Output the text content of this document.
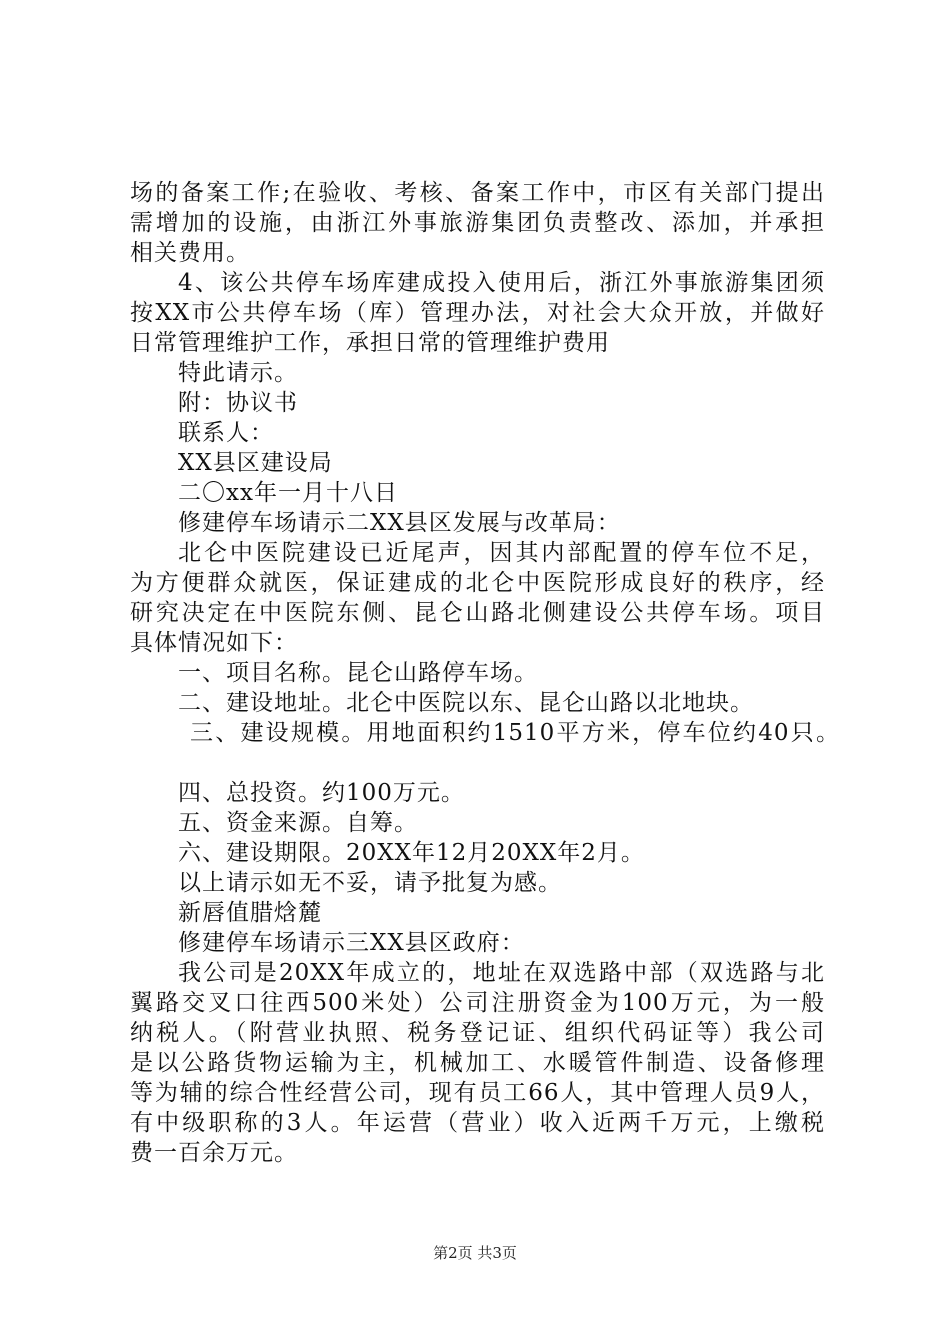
场的备案工作;在验收、考核、备案工作中，市区有关部门提出
需增加的设施，由浙江外事旅游集团负责整改、添加，并承担
相关费用。
4、该公共停车场库建成投入使用后，浙江外事旅游集团须
按XX市公共停车场（库）管理办法，对社会大众开放，并做好
日常管理维护工作，承担日常的管理维护费用
特此请示。
附：协议书
联系人：
XX县区建设局
二〇xx年一月十八日
修建停车场请示二XX县区发展与改革局：
北仑中医院建设已近尾声，因其内部配置的停车位不足，
为方便群众就医，保证建成的北仑中医院形成良好的秩序，经
研究决定在中医院东侧、昆仑山路北侧建设公共停车场。项目
具体情况如下：
一、项目名称。昆仑山路停车场。
二、建设地址。北仑中医院以东、昆仑山路以北地块。
三、建设规模。用地面积约1510平方米，停车位约40只。
四、总投资。约100万元。
五、资金来源。自筹。
六、建设期限。20XX年12月20XX年2月。
以上请示如无不妥，请予批复为感。
新唇值腊焓麓
修建停车场请示三XX县区政府：
我公司是20XX年成立的，地址在双选路中部（双选路与北
翼路交叉口往西500米处）公司注册资金为100万元，为一般
纳税人。（附营业执照、税务登记证、组织代码证等）我公司
是以公路货物运输为主，机械加工、水暖管件制造、设备修理
等为辅的综合性经营公司，现有员工66人，其中管理人员9人，
有中级职称的3人。年运营（营业）收入近两千万元，上缴税
费一百余万元。
第2页 共3页
